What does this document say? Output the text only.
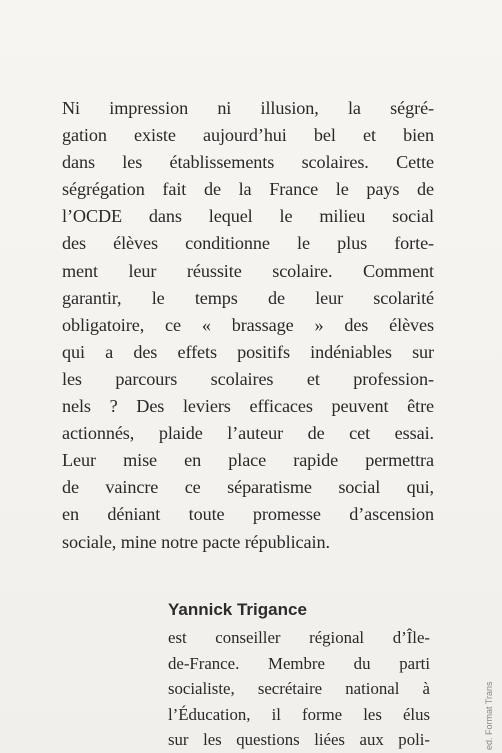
Ni impression ni illusion, la ségré-
gation existe aujourd’hui bel et bien
dans les établissements scolaires. Cette
ségrégation fait de la France le pays de
l’OCDE dans lequel le milieu social
des élèves conditionne le plus forte-
ment leur réussite scolaire. Comment
garantir, le temps de leur scolarité
obligatoire, ce « brassage » des élèves
qui a des effets positifs indéniables sur
les parcours scolaires et profession-
nels ? Des leviers efficaces peuvent être
actionnés, plaide l’auteur de cet essai.
Leur mise en place rapide permettra
de vaincre ce séparatisme social qui,
en déniant toute promesse d’ascension
sociale, mine notre pacte républicain.
Yannick Trigance
est conseiller régional d’Île-
de-France. Membre du parti
socialiste, secrétaire national à
l’Éducation, il forme les élus
sur les questions liées aux poli-	ed. Format Trans
